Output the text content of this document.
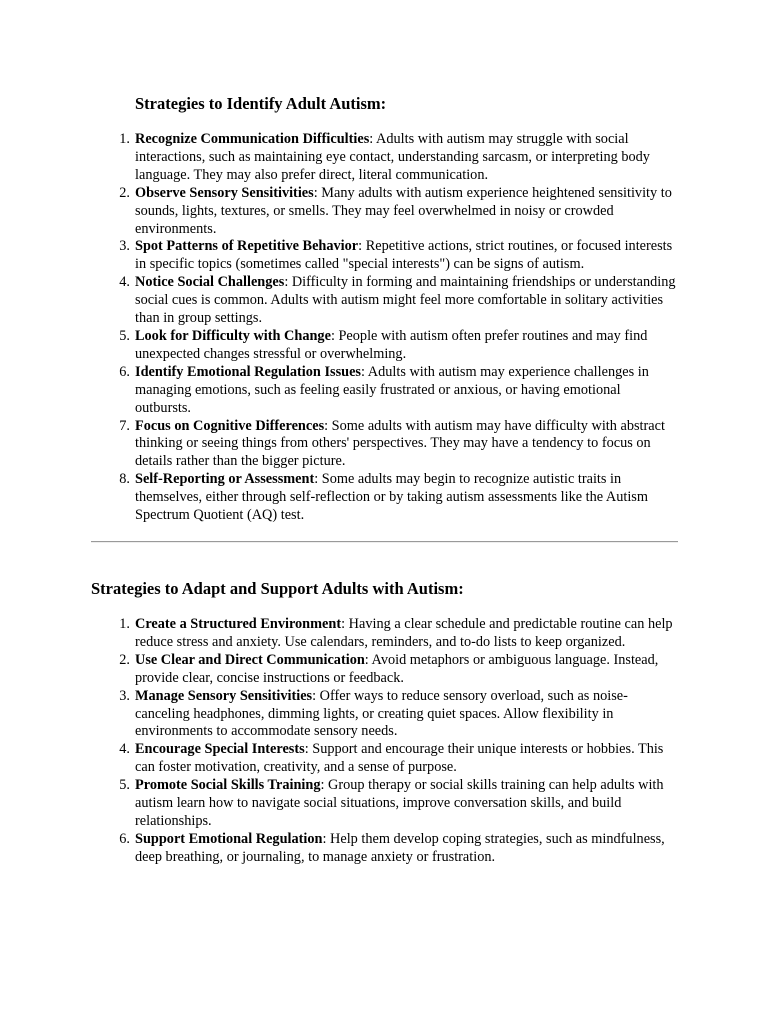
Strategies to Identify Adult Autism:
1. Recognize Communication Difficulties: Adults with autism may struggle with social interactions, such as maintaining eye contact, understanding sarcasm, or interpreting body language. They may also prefer direct, literal communication.
2. Observe Sensory Sensitivities: Many adults with autism experience heightened sensitivity to sounds, lights, textures, or smells. They may feel overwhelmed in noisy or crowded environments.
3. Spot Patterns of Repetitive Behavior: Repetitive actions, strict routines, or focused interests in specific topics (sometimes called "special interests") can be signs of autism.
4. Notice Social Challenges: Difficulty in forming and maintaining friendships or understanding social cues is common. Adults with autism might feel more comfortable in solitary activities than in group settings.
5. Look for Difficulty with Change: People with autism often prefer routines and may find unexpected changes stressful or overwhelming.
6. Identify Emotional Regulation Issues: Adults with autism may experience challenges in managing emotions, such as feeling easily frustrated or anxious, or having emotional outbursts.
7. Focus on Cognitive Differences: Some adults with autism may have difficulty with abstract thinking or seeing things from others' perspectives. They may have a tendency to focus on details rather than the bigger picture.
8. Self-Reporting or Assessment: Some adults may begin to recognize autistic traits in themselves, either through self-reflection or by taking autism assessments like the Autism Spectrum Quotient (AQ) test.
Strategies to Adapt and Support Adults with Autism:
1. Create a Structured Environment: Having a clear schedule and predictable routine can help reduce stress and anxiety. Use calendars, reminders, and to-do lists to keep organized.
2. Use Clear and Direct Communication: Avoid metaphors or ambiguous language. Instead, provide clear, concise instructions or feedback.
3. Manage Sensory Sensitivities: Offer ways to reduce sensory overload, such as noise-canceling headphones, dimming lights, or creating quiet spaces. Allow flexibility in environments to accommodate sensory needs.
4. Encourage Special Interests: Support and encourage their unique interests or hobbies. This can foster motivation, creativity, and a sense of purpose.
5. Promote Social Skills Training: Group therapy or social skills training can help adults with autism learn how to navigate social situations, improve conversation skills, and build relationships.
6. Support Emotional Regulation: Help them develop coping strategies, such as mindfulness, deep breathing, or journaling, to manage anxiety or frustration.
